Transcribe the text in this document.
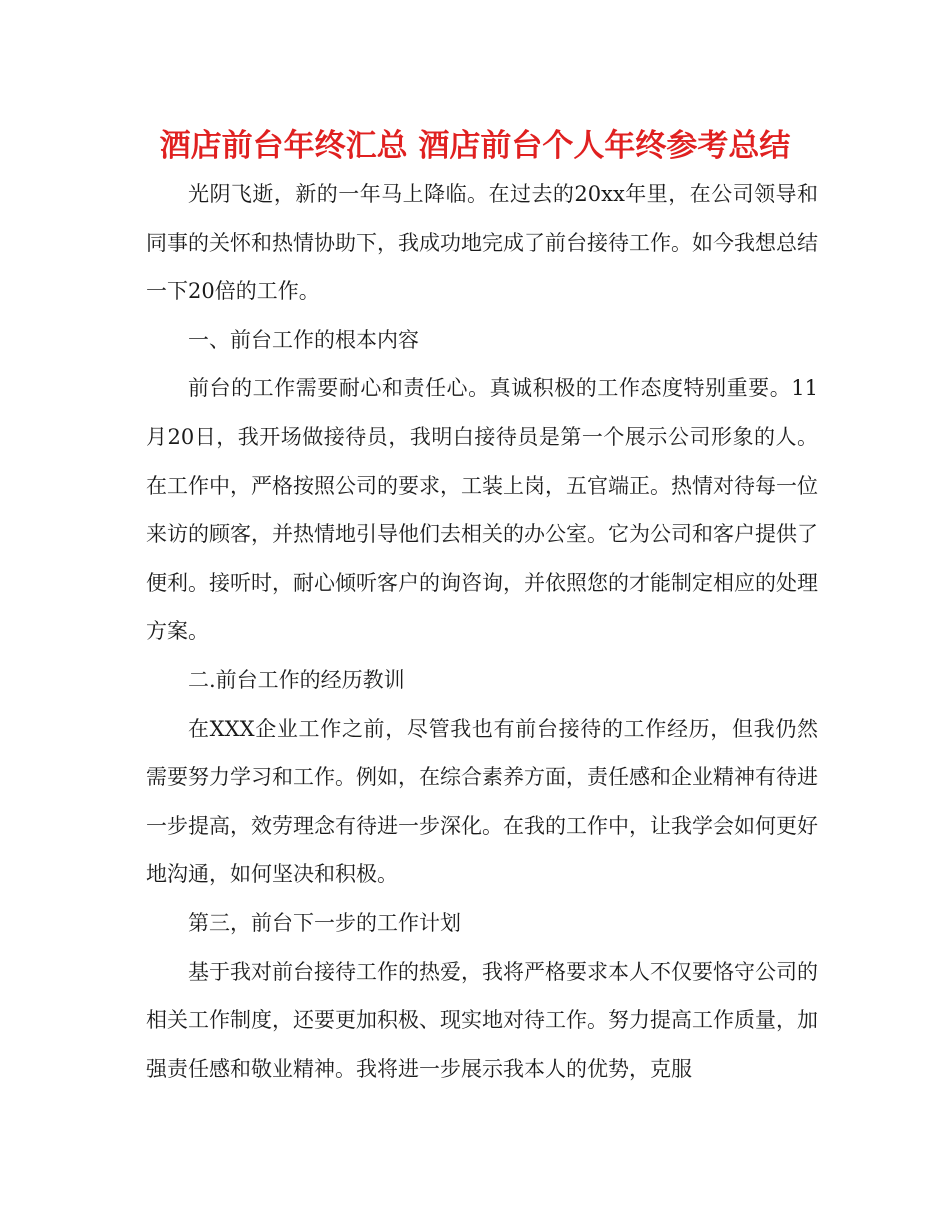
酒店前台年终汇总 酒店前台个人年终参考总结

光阴飞逝，新的一年马上降临。在过去的20xx年里，在公司领导和同事的关怀和热情协助下，我成功地完成了前台接待工作。如今我想总结一下20倍的工作。

一、前台工作的根本内容

前台的工作需要耐心和责任心。真诚积极的工作态度特别重要。11月20日，我开场做接待员，我明白接待员是第一个展示公司形象的人。在工作中，严格按照公司的要求，工装上岗，五官端正。热情对待每一位来访的顾客，并热情地引导他们去相关的办公室。它为公司和客户提供了便利。接听时，耐心倾听客户的询咨询，并依照您的才能制定相应的处理方案。

二.前台工作的经历教训

在XXX企业工作之前，尽管我也有前台接待的工作经历，但我仍然需要努力学习和工作。例如，在综合素养方面，责任感和企业精神有待进一步提高，效劳理念有待进一步深化。在我的工作中，让我学会如何更好地沟通，如何坚决和积极。

第三，前台下一步的工作计划

基于我对前台接待工作的热爱，我将严格要求本人不仅要恪守公司的相关工作制度，还要更加积极、现实地对待工作。努力提高工作质量，加强责任感和敬业精神。我将进一步展示我本人的优势，克服
